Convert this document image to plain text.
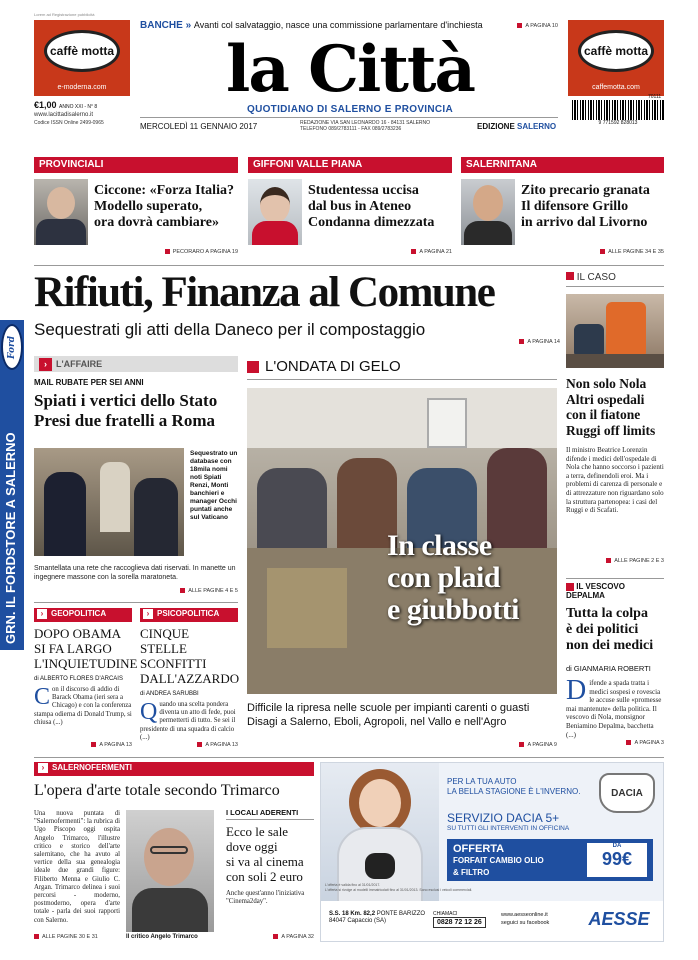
caffè motta
e-moderna.com
Lorem ad Registrazione pubblicità
caffè motta
caffemotta.com
BANCHE » Avanti col salvataggio, nasce una commissione parlamentare d'inchiesta	A PAGINA 10
la Città
QUOTIDIANO DI SALERNO E PROVINCIA
MERCOLEDÌ 11 GENNAIO 2017	REDAZIONE VIA SAN LEONARDO 16 - 84131 SALERNO
TELEFONO 089/2783111 - FAX 089/2783236	EDIZIONE SALERNO
€1,00 ANNO XXI - N° 8
www.lacittadisalerno.it
Codice ISSN Online 2499-0965	9 771592 828013
70111
PROVINCIALI
Ciccone: «Forza Italia?
Modello superato,
ora dovrà cambiare»
PECORARO A PAGINA 19
GIFFONI VALLE PIANA
Studentessa uccisa
dal bus in Ateneo
Condanna dimezzata
A PAGINA 21
SALERNITANA
Zito precario granata
Il difensore Grillo
in arrivo dal Livorno
ALLE PAGINE 34 E 35
Ford
GRN. IL FORDSTORE A SALERNO
Rifiuti, Finanza al Comune
Sequestrati gli atti della Daneco per il compostaggio
A PAGINA 14
IL CASO
Non solo Nola
Altri ospedali
con il fiatone
Ruggi off limits
Il ministro Beatrice Lorenzin difende i medici dell'ospedale di Nola che hanno soccorso i pazienti a terra, definendoli eroi. Ma i problemi di carenza di personale e di attrezzature non riguardano solo la struttura partenopea: i casi del Ruggi e di Scafati.
ALLE PAGINE 2 E 3
IL VESCOVO DEPALMA
Tutta la colpa
è dei politici
non dei medici
di GIANMARIA ROBERTI
D ifende a spada tratta i medici sospesi e rovescia le accuse sulle «promesse mai mantenute» della politica. Il vescovo di Nola, monsignor Beniamino Depalma, bacchetta (...)
A PAGINA 3
› L'AFFAIRE
MAIL RUBATE PER SEI ANNI
Spiati i vertici dello Stato
Presi due fratelli a Roma
Sequestrato un database con 18mila nomi noti Spiati Renzi, Monti banchieri e manager Occhi puntati anche sul Vaticano
Smantellata una rete che raccoglieva dati riservati. In manette un ingegnere massone con la sorella maratoneta.
ALLE PAGINE 4 E 5
› GEOPOLITICA
DOPO OBAMA
SI FA LARGO
L'INQUIETUDINE
di ALBERTO FLORES D'ARCAIS
C on il discorso di addio di Barack Obama (ieri sera a Chicago) e con la conferenza stampa odierna di Donald Trump, si chiusa (...)
A PAGINA 13
› PSICOPOLITICA
CINQUE STELLE
SCONFITTI
DALL'AZZARDO
di ANDREA SARUBBI
Q uando una scelta pondera diventa un atto di fede, puoi permetterti di tutto. Se sei il presidente di una squadra di calcio (...)
A PAGINA 13
L'ONDATA DI GELO
In classe
con plaid
e giubbotti
Difficile la ripresa nelle scuole per impianti carenti o guasti
Disagi a Salerno, Eboli, Agropoli, nel Vallo e nell'Agro
A PAGINA 9
› SALERNOFERMENTI
L'opera d'arte totale secondo Trimarco
Una nuova puntata di "Salernofermenti": la rubrica di Ugo Piscopo oggi ospita Angelo Trimarco, l'illustre critico e storico dell'arte salernitano, che ha avuto al vertice della sua genealogia ideale due grandi figure: Filiberto Menna e Giulio C. Argan. Trimarco delinea i suoi percorsi - moderno, postmoderno, opera d'arte totale - parla dei suoi rapporti con Salerno.
Il critico Angelo Trimarco
ALLE PAGINE 30 E 31
I LOCALI ADERENTI
Ecco le sale
dove oggi
si va al cinema
con soli 2 euro
Anche quest'anno l'iniziativa "Cinema2day".
A PAGINA 32
PER LA TUA AUTO
LA BELLA STAGIONE È L'INVERNO.	DACIA
SERVIZIO DACIA 5+
SU TUTTI GLI INTERVENTI IN OFFICINA
OFFERTA
FORFAIT CAMBIO OLIO
& FILTRO
DA
99€
L'offerta è valida fino al 31/01/2017.
L'offerta si rivolge ai modelli immatricolati fino al 31/01/2013. Sono esclusi i veicoli commerciali.
S.S. 18 Km. 82,2 PONTE BARIZZO
84047 Capaccio (SA)
CHIAMACI
0828 72 12 26
www.aesseonline.it
seguici su facebook	AESSE
